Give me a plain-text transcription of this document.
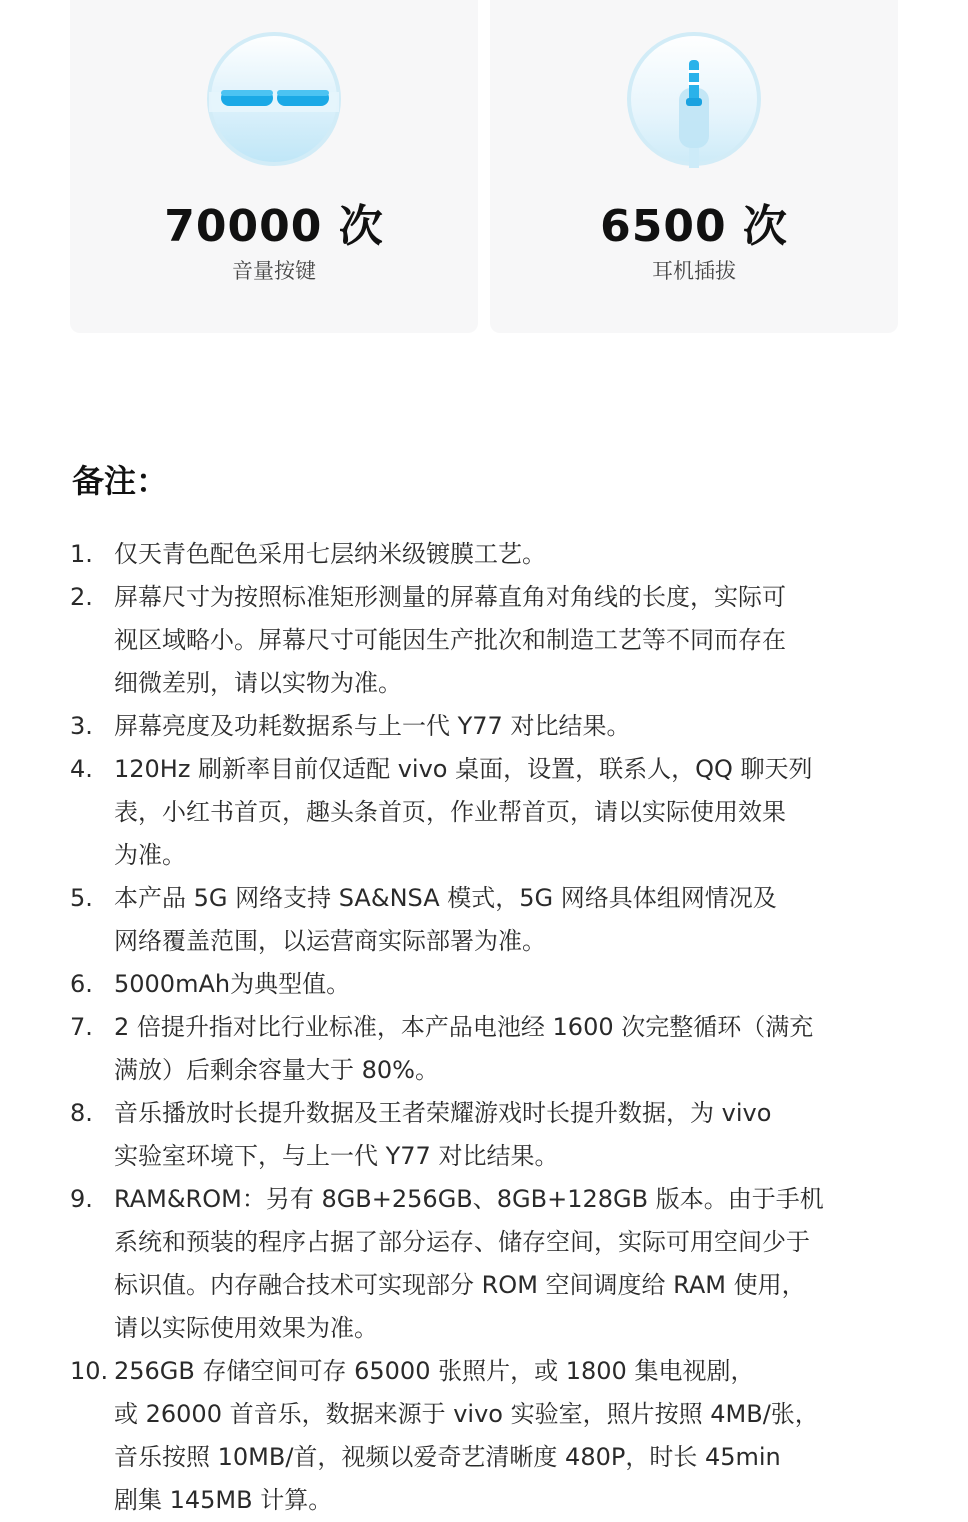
70000 次
音量按键
6500 次
耳机插拔
备注：
1. 仅天青色配色采用七层纳米级镀膜工艺。
2. 屏幕尺寸为按照标准矩形测量的屏幕直角对角线的长度，实际可
视区域略小。屏幕尺寸可能因生产批次和制造工艺等不同而存在
细微差别，请以实物为准。
3. 屏幕亮度及功耗数据系与上一代 Y77 对比结果。
4. 120Hz 刷新率目前仅适配 vivo 桌面，设置，联系人，QQ 聊天列
表，小红书首页，趣头条首页，作业帮首页，请以实际使用效果
为准。
5. 本产品 5G 网络支持 SA&NSA 模式，5G 网络具体组网情况及
网络覆盖范围，以运营商实际部署为准。
6. 5000mAh为典型值。
7. 2 倍提升指对比行业标准，本产品电池经 1600 次完整循环（满充
满放）后剩余容量大于 80%。
8. 音乐播放时长提升数据及王者荣耀游戏时长提升数据，为 vivo
实验室环境下，与上一代 Y77 对比结果。
9. RAM&ROM：另有 8GB+256GB、8GB+128GB 版本。由于手机
系统和预装的程序占据了部分运存、储存空间，实际可用空间少于
标识值。内存融合技术可实现部分 ROM 空间调度给 RAM 使用，
请以实际使用效果为准。
10. 256GB 存储空间可存 65000 张照片，或 1800 集电视剧，
或 26000 首音乐，数据来源于 vivo 实验室，照片按照 4MB/张，
音乐按照 10MB/首，视频以爱奇艺清晰度 480P，时长 45min
剧集 145MB 计算。
